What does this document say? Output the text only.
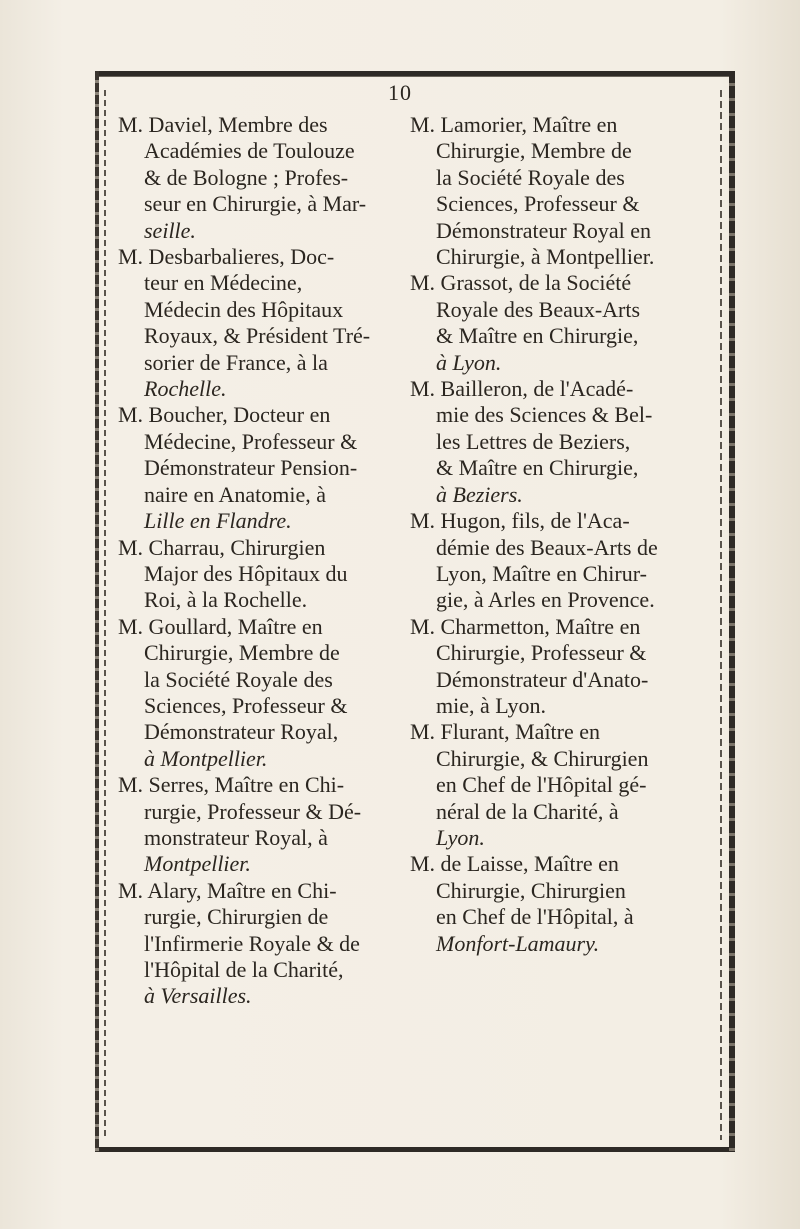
10

M. Daviel, Membre des
Académies de Toulouze
& de Bologne ; Profes-
seur en Chirurgie, à Mar-
seille.

M. Desbarbalieres, Doc-
teur en Médecine,
Médecin des Hôpitaux
Royaux, & Président Tré-
sorier de France, à la
Rochelle.

M. Boucher, Docteur en
Médecine, Professeur &
Démonstrateur Pension-
naire en Anatomie, à
Lille en Flandre.

M. Charrau, Chirurgien
Major des Hôpitaux du
Roi, à la Rochelle.

M. Goullard, Maître en
Chirurgie, Membre de
la Société Royale des
Sciences, Professeur &
Démonstrateur Royal,
à Montpellier.

M. Serres, Maître en Chi-
rurgie, Professeur & Dé-
monstrateur Royal, à
Montpellier.

M. Alary, Maître en Chi-
rurgie, Chirurgien de
l'Infirmerie Royale & de
l'Hôpital de la Charité,
à Versailles.

M. Lamorier, Maître en
Chirurgie, Membre de
la Société Royale des
Sciences, Professeur &
Démonstrateur Royal en
Chirurgie, à Montpellier.

M. Grassot, de la Société
Royale des Beaux-Arts
& Maître en Chirurgie,
à Lyon.

M. Bailleron, de l'Acadé-
mie des Sciences & Bel-
les Lettres de Beziers,
& Maître en Chirurgie,
à Beziers.

M. Hugon, fils, de l'Aca-
démie des Beaux-Arts de
Lyon, Maître en Chirur-
gie, à Arles en Provence.

M. Charmetton, Maître en
Chirurgie, Professeur &
Démonstrateur d'Anato-
mie, à Lyon.

M. Flurant, Maître en
Chirurgie, & Chirurgien
en Chef de l'Hôpital gé-
néral de la Charité, à
Lyon.

M. de Laisse, Maître en
Chirurgie, Chirurgien
en Chef de l'Hôpital, à
Monfort-Lamaury.
